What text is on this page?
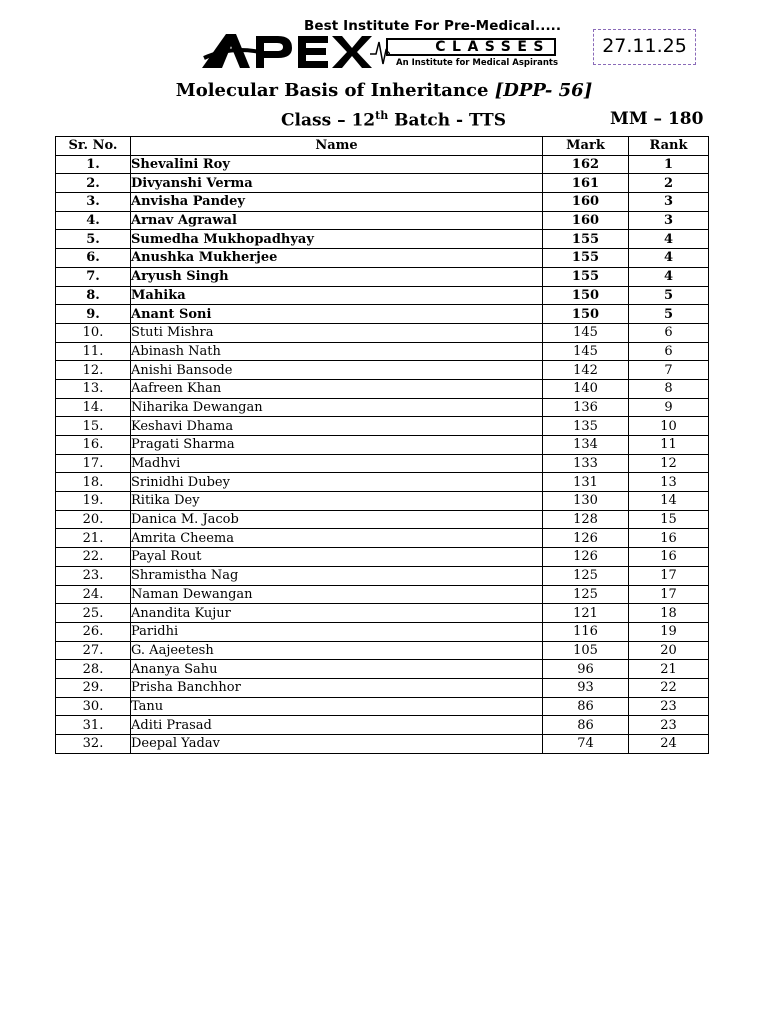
Best Institute For Pre-Medical.....
CLASSES
An Institute for Medical Aspirants
27.11.25
Molecular Basis of Inheritance [DPP- 56]
Class – 12th Batch - TTS	MM – 180
Sr. No.	Name	Mark	Rank
1.	Shevalini Roy	162	1
2.	Divyanshi Verma	161	2
3.	Anvisha Pandey	160	3
4.	Arnav Agrawal	160	3
5.	Sumedha Mukhopadhyay	155	4
6.	Anushka Mukherjee	155	4
7.	Aryush Singh	155	4
8.	Mahika	150	5
9.	Anant Soni	150	5
10.	Stuti Mishra	145	6
11.	Abinash Nath	145	6
12.	Anishi Bansode	142	7
13.	Aafreen Khan	140	8
14.	Niharika Dewangan	136	9
15.	Keshavi Dhama	135	10
16.	Pragati Sharma	134	11
17.	Madhvi	133	12
18.	Srinidhi Dubey	131	13
19.	Ritika Dey	130	14
20.	Danica M. Jacob	128	15
21.	Amrita Cheema	126	16
22.	Payal Rout	126	16
23.	Shramistha Nag	125	17
24.	Naman Dewangan	125	17
25.	Anandita Kujur	121	18
26.	Paridhi	116	19
27.	G. Aajeetesh	105	20
28.	Ananya Sahu	96	21
29.	Prisha Banchhor	93	22
30.	Tanu	86	23
31.	Aditi Prasad	86	23
32.	Deepal Yadav	74	24
